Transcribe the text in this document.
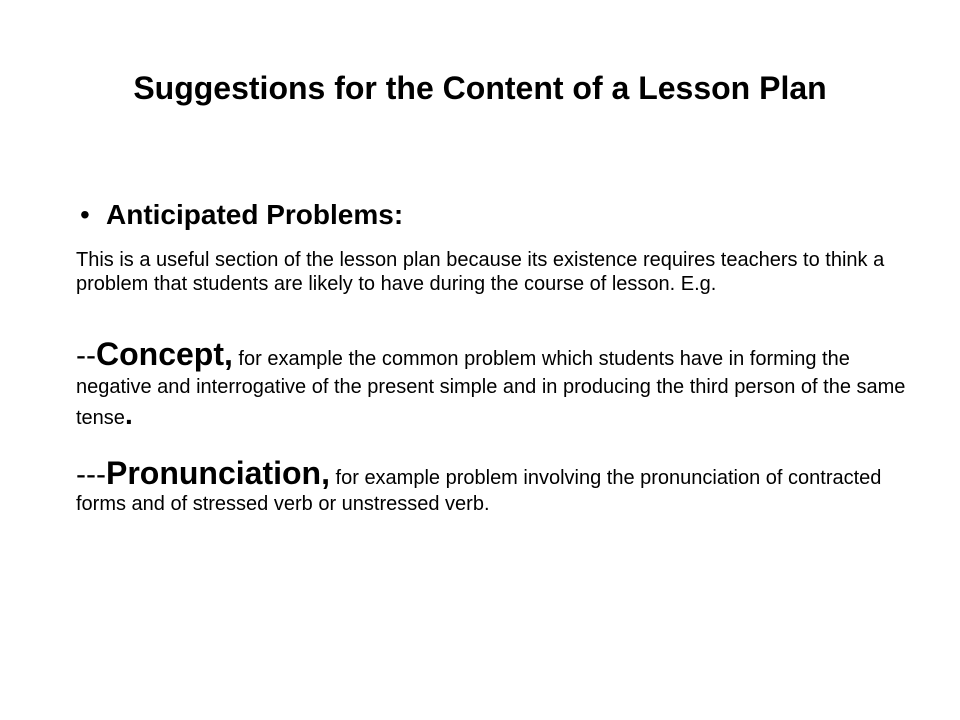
Suggestions for the Content of a Lesson Plan
• Anticipated Problems:

This is a useful section of the lesson plan because its existence requires teachers to think a problem that students are likely to have during the course of lesson. E.g.

--Concept, for example the common problem which students have in forming the negative and interrogative of the present simple and in producing the third person of the same tense.

---Pronunciation, for example problem involving the pronunciation of contracted forms and of stressed verb or unstressed verb.
